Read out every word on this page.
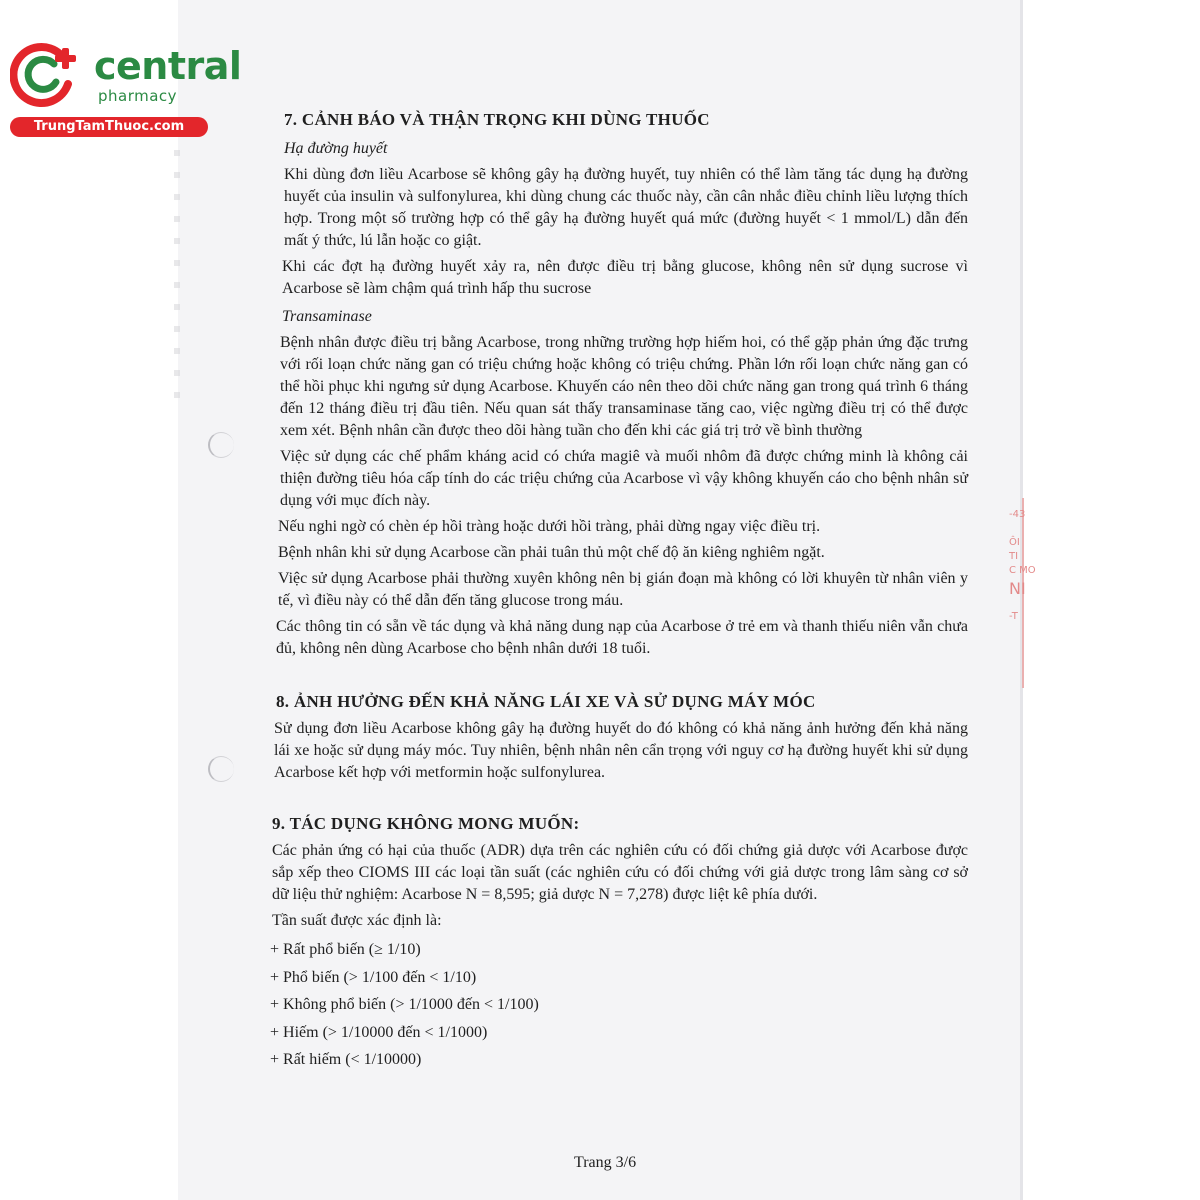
central
pharmacy
TrungTamThuoc.com
-43
ÔI
TI
C MO
NI
-T
7. CẢNH BÁO VÀ THẬN TRỌNG KHI DÙNG THUỐC
Hạ đường huyết

Khi dùng đơn liều Acarbose sẽ không gây hạ đường huyết, tuy nhiên có thể làm tăng tác dụng hạ đường huyết của insulin và sulfonylurea, khi dùng chung các thuốc này, cần cân nhắc điều chỉnh liều lượng thích hợp. Trong một số trường hợp có thể gây hạ đường huyết quá mức (đường huyết < 1 mmol/L) dẫn đến mất ý thức, lú lẫn hoặc co giật.

Khi các đợt hạ đường huyết xảy ra, nên được điều trị bằng glucose, không nên sử dụng sucrose vì Acarbose sẽ làm chậm quá trình hấp thu sucrose

Transaminase

Bệnh nhân được điều trị bằng Acarbose, trong những trường hợp hiếm hoi, có thể gặp phản ứng đặc trưng với rối loạn chức năng gan có triệu chứng hoặc không có triệu chứng. Phần lớn rối loạn chức năng gan có thể hồi phục khi ngưng sử dụng Acarbose. Khuyến cáo nên theo dõi chức năng gan trong quá trình 6 tháng đến 12 tháng điều trị đầu tiên. Nếu quan sát thấy transaminase tăng cao, việc ngừng điều trị có thể được xem xét. Bệnh nhân cần được theo dõi hàng tuần cho đến khi các giá trị trở về bình thường

Việc sử dụng các chế phẩm kháng acid có chứa magiê và muối nhôm đã được chứng minh là không cải thiện đường tiêu hóa cấp tính do các triệu chứng của Acarbose vì vậy không khuyến cáo cho bệnh nhân sử dụng với mục đích này.

Nếu nghi ngờ có chèn ép hồi tràng hoặc dưới hồi tràng, phải dừng ngay việc điều trị.

Bệnh nhân khi sử dụng Acarbose cần phải tuân thủ một chế độ ăn kiêng nghiêm ngặt.

Việc sử dụng Acarbose phải thường xuyên không nên bị gián đoạn mà không có lời khuyên từ nhân viên y tế, vì điều này có thể dẫn đến tăng glucose trong máu.

Các thông tin có sẵn về tác dụng và khả năng dung nạp của Acarbose ở trẻ em và thanh thiếu niên vẫn chưa đủ, không nên dùng Acarbose cho bệnh nhân dưới 18 tuổi.

8. ẢNH HƯỞNG ĐẾN KHẢ NĂNG LÁI XE VÀ SỬ DỤNG MÁY MÓC

Sử dụng đơn liều Acarbose không gây hạ đường huyết do đó không có khả năng ảnh hưởng đến khả năng lái xe hoặc sử dụng máy móc. Tuy nhiên, bệnh nhân nên cẩn trọng với nguy cơ hạ đường huyết khi sử dụng Acarbose kết hợp với metformin hoặc sulfonylurea.

9. TÁC DỤNG KHÔNG MONG MUỐN:

Các phản ứng có hại của thuốc (ADR) dựa trên các nghiên cứu có đối chứng giả dược với Acarbose được sắp xếp theo CIOMS III các loại tần suất (các nghiên cứu có đối chứng với giả dược trong lâm sàng cơ sở dữ liệu thử nghiệm: Acarbose N = 8,595; giả dược N = 7,278) được liệt kê phía dưới.

Tần suất được xác định là:

+ Rất phổ biến (≥ 1/10)
+ Phổ biến (> 1/100 đến < 1/10)
+ Không phổ biến (> 1/1000 đến < 1/100)
+ Hiếm (> 1/10000 đến < 1/1000)
+ Rất hiếm (< 1/10000)
Trang 3/6
